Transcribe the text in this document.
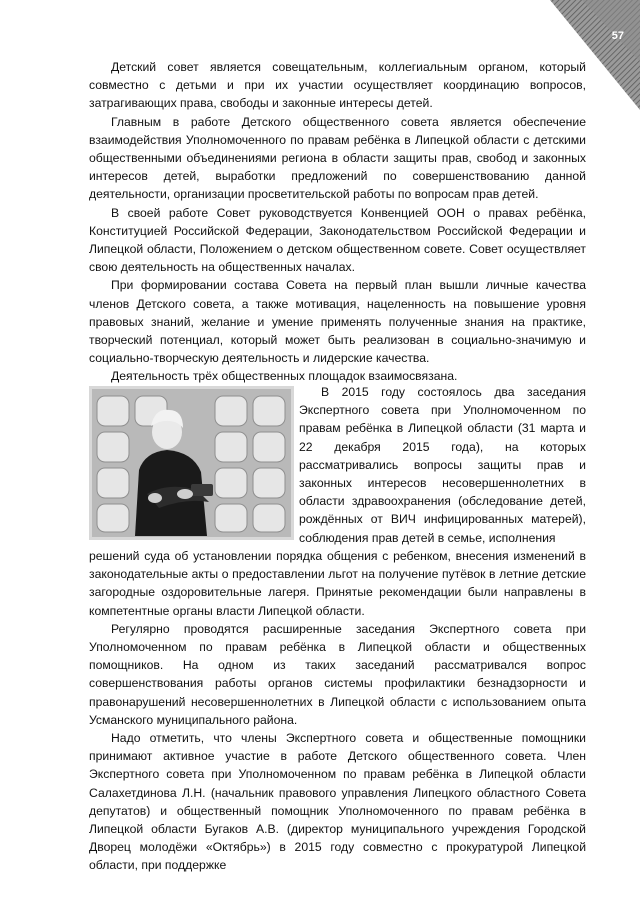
57

Детский совет является совещательным, коллегиальным органом, который совместно с детьми и при их участии осуществляет координацию вопросов, затрагивающих права, свободы и законные интересы детей.

Главным в работе Детского общественного совета является обеспечение взаимодействия Уполномоченного по правам ребёнка в Липецкой области с детскими общественными объединениями региона в области защиты прав, свобод и законных интересов детей, выработки предложений по совершенствованию данной деятельности, организации просветительской работы по вопросам прав детей.

В своей работе Совет руководствуется Конвенцией ООН о правах ребёнка, Конституцией Российской Федерации, Законодательством Российской Федерации и Липецкой области, Положением о детском общественном совете. Совет осуществляет свою деятельность на общественных началах.

При формировании состава Совета на первый план вышли личные качества членов Детского совета, а также мотивация, нацеленность на повышение уровня правовых знаний, желание и умение применять полученные знания на практике, творческий потенциал, который может быть реализован в социально-значимую и социально-творческую деятельность и лидерские качества.

Деятельность трёх общественных площадок взаимосвязана.

В 2015 году состоялось два заседания Экспертного совета при Уполномоченном по правам ребёнка в Липецкой области (31 марта и 22 декабря 2015 года), на которых рассматривались вопросы защиты прав и законных интересов несовершеннолетних в области здравоохранения (обследование детей, рождённых от ВИЧ инфицированных матерей), соблюдения прав детей в семье, исполнения

решений суда об установлении порядка общения с ребенком, внесения изменений в законодательные акты о предоставлении льгот на получение путёвок в летние детские загородные оздоровительные лагеря. Принятые рекомендации были направлены в компетентные органы власти Липецкой области.

Регулярно проводятся расширенные заседания Экспертного совета при Уполномоченном по правам ребёнка в Липецкой области и общественных помощников. На одном из таких заседаний рассматривался вопрос совершенствования работы органов системы профилактики безнадзорности и правонарушений несовершеннолетних в Липецкой области с использованием опыта Усманского муниципального района.

Надо отметить, что члены Экспертного совета и общественные помощники принимают активное участие в работе Детского общественного совета. Член Экспертного совета при Уполномоченном по правам ребёнка в Липецкой области Салахетдинова Л.Н. (начальник правового управления Липецкого областного Совета депутатов) и общественный помощник Уполномоченного по правам ребёнка в Липецкой области Бугаков А.В. (директор муниципального учреждения Городской Дворец молодёжи «Октябрь») в 2015 году совместно с прокуратурой Липецкой области, при поддержке
